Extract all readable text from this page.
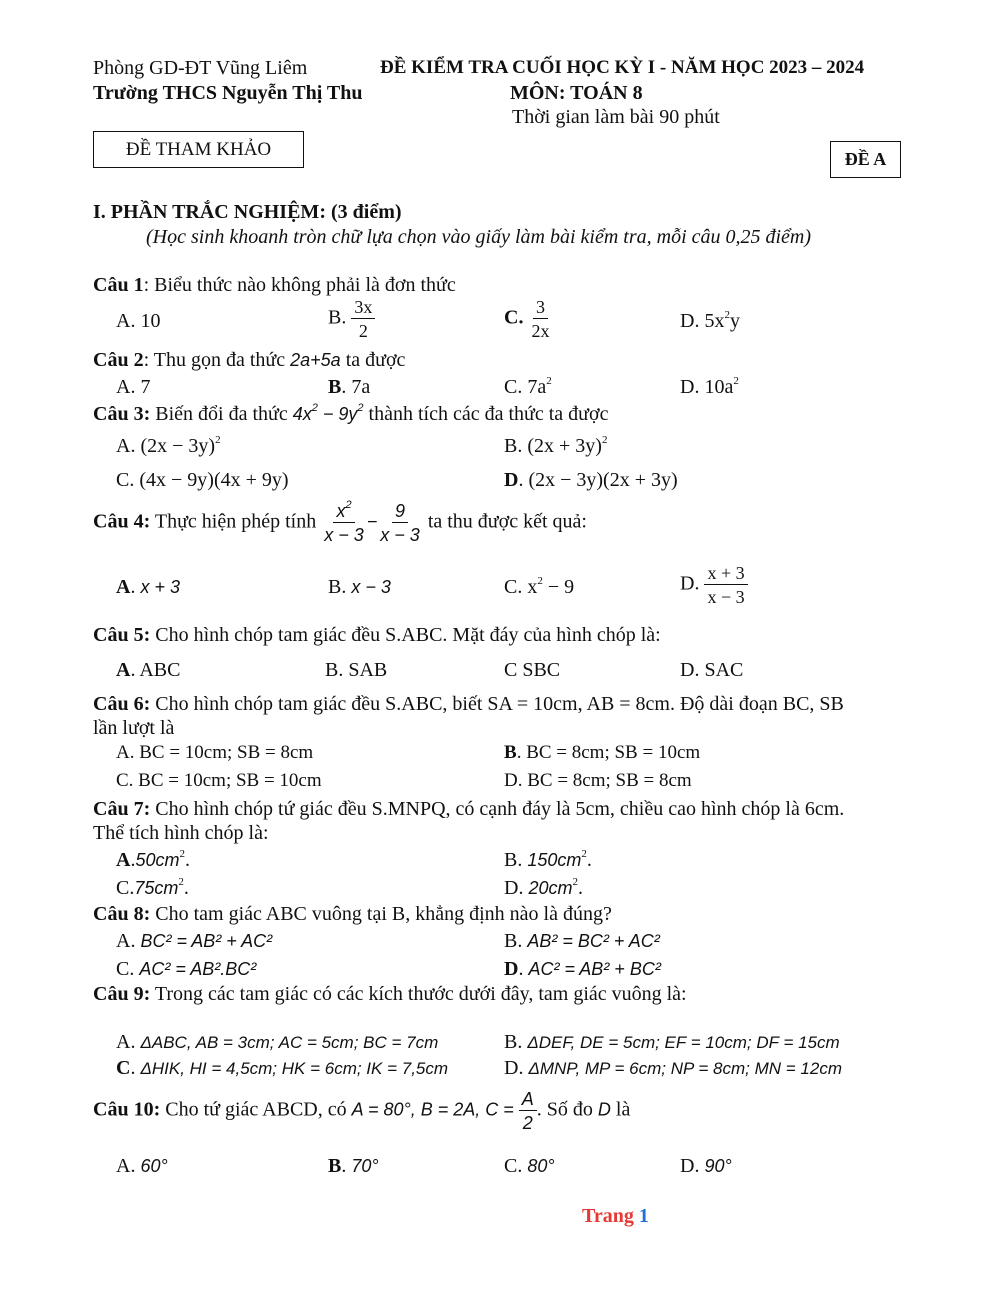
Phòng GD-ĐT Vũng Liêm	ĐỀ KIỂM TRA CUỐI HỌC KỲ I - NĂM HỌC 2023 – 2024
Trường THCS Nguyễn Thị Thu	MÔN: TOÁN 8
Thời gian làm bài 90 phút
ĐỀ THAM KHẢO	ĐỀ A
I. PHẦN TRẮC NGHIỆM: (3 điểm)
(Học sinh khoanh tròn chữ lựa chọn vào giấy làm bài kiểm tra, mỗi câu 0,25 điểm)
Câu 1: Biểu thức nào không phải là đơn thức
A. 10	B. $\frac{3x}{2}$	C. $\frac{3}{2x}$	D. $5x^2y$
Câu 2: Thu gọn đa thức 2a+5a ta được
A. 7	B. 7a	C. $7a^2$	D. $10a^2$
Câu 3: Biến đổi đa thức $4x^2 - 9y^2$ thành tích các đa thức ta được
A. $(2x - 3y)^2$	B. $(2x + 3y)^2$
C. (4x − 9y)(4x + 9y)	D. (2x − 3y)(2x + 3y)
Câu 4: Thực hiện phép tính $\frac{x^2}{x - 3} - \frac{9}{x - 3}$ ta thu được kết quả:
A. x + 3	B. x − 3	C. $x^2 - 9$	D. $\frac{x + 3}{x - 3}$
Câu 5: Cho hình chóp tam giác đều S.ABC. Mặt đáy của hình chóp là:
A. ABC	B. SAB	C SBC	D. SAC
Câu 6: Cho hình chóp tam giác đều S.ABC, biết SA = 10cm, AB = 8cm. Độ dài đoạn BC, SB
lần lượt là
A. BC = 10cm; SB = 8cm	B. BC = 8cm; SB = 10cm
C. BC = 10cm; SB = 10cm	D. BC = 8cm; SB = 8cm
Câu 7: Cho hình chóp tứ giác đều S.MNPQ, có cạnh đáy là 5cm, chiều cao hình chóp là 6cm.
Thể tích hình chóp là:
$A.50cm^2$.	B. $150cm^2$.
$C.75cm^2$.	D. $20cm^2$.
Câu 8: Cho tam giác ABC vuông tại B, khẳng định nào là đúng?
A. BC² = AB² + AC²	B. AB² = BC² + AC²
C. AC² = AB².BC²	D. AC² = AB² + BC²
Câu 9: Trong các tam giác có các kích thước dưới đây, tam giác vuông là:
A. ΔABC, AB = 3cm; AC = 5cm; BC = 7cm	B. ΔDEF, DE = 5cm; EF = 10cm; DF = 15cm
C. ΔHIK, HI = 4,5cm; HK = 6cm; IK = 7,5cm	D. ΔMNP, MP = 6cm; NP = 8cm; MN = 12cm
Câu 10: Cho tứ giác ABCD, có A = 80°, B = 2A, $C = \frac{A}{2}$ . Số đo D là
A. 60°	B. 70°	C. 80°	D. 90°
Trang 1
